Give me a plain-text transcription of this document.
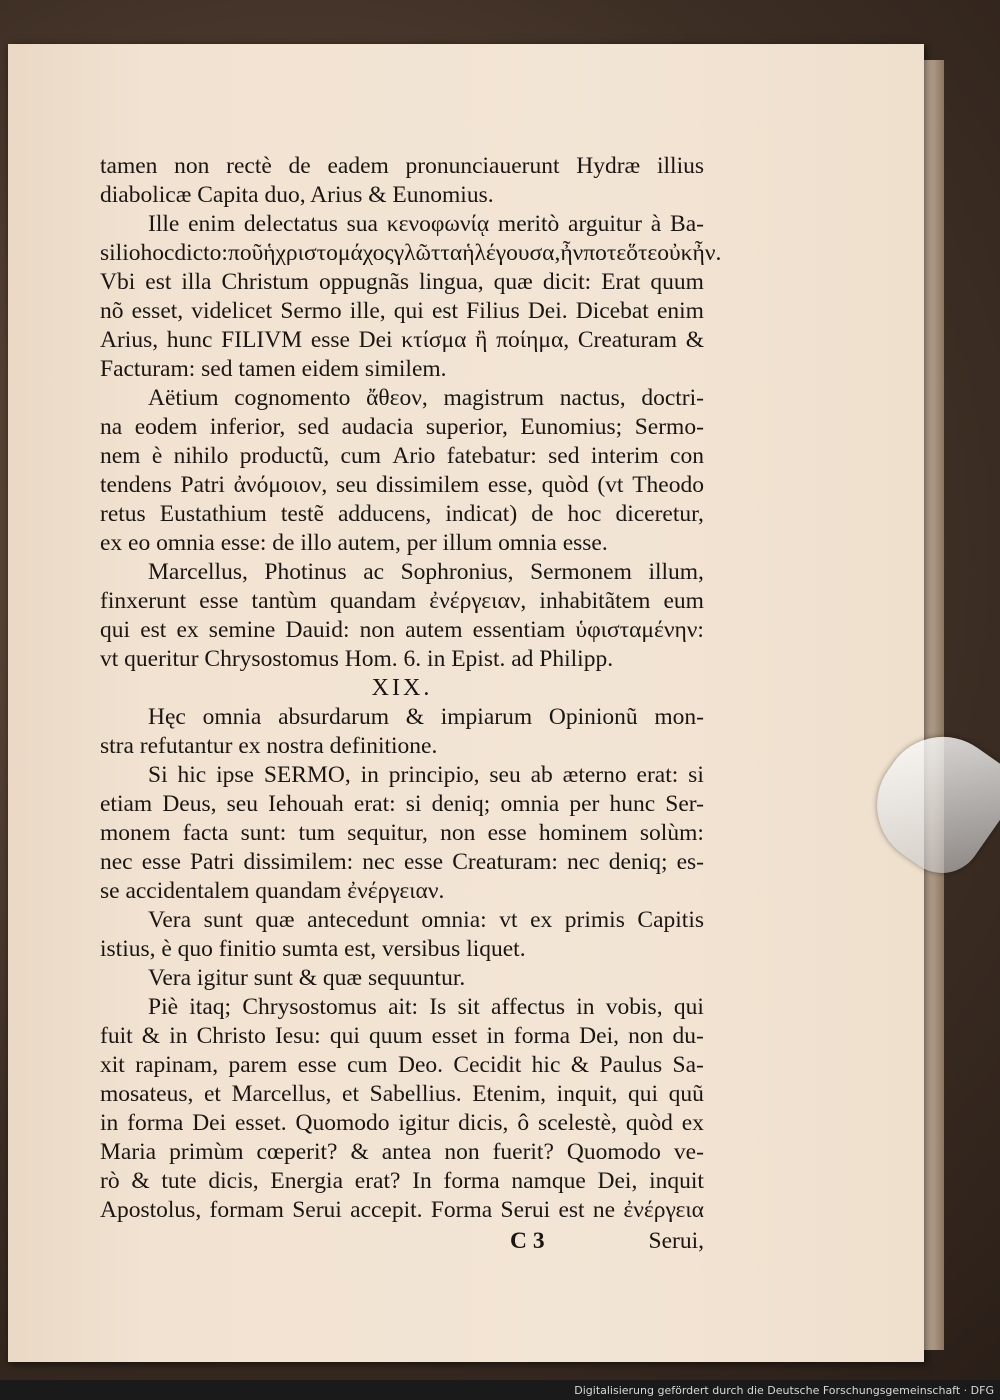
tamen non rectè de eadem pronunciauerunt Hydræ illius
diabolicæ Capita duo, Arius & Eunomius.
Ille enim delectatus sua κενοφωνίᾳ meritò arguitur à Ba-
silio hoc dicto: ποῦ ἡ χριστομάχος γλῶττα ἡ λέγουσα, ἦν ποτε ὅτε οὐκ ἦν.
Vbi est illa Christum oppugnãs lingua, quæ dicit: Erat quum
nõ esset, videlicet Sermo ille, qui est Filius Dei. Dicebat enim
Arius, hunc FILIVM esse Dei κτίσμα ἢ ποίημα, Creaturam &
Facturam: sed tamen eidem similem.
Aëtium cognomento ἄθεον, magistrum nactus, doctri-
na eodem inferior, sed audacia superior, Eunomius; Sermo-
nem è nihilo productũ, cum Ario fatebatur: sed interim con
tendens Patri ἀνόμοιον, seu dissimilem esse, quòd (vt Theodo
retus Eustathium testẽ adducens, indicat) de hoc diceretur,
ex eo omnia esse: de illo autem, per illum omnia esse.
Marcellus, Photinus ac Sophronius, Sermonem illum,
finxerunt esse tantùm quandam ἐνέργειαν, inhabitãtem eum
qui est ex semine Dauid: non autem essentiam ὑφισταμένην:
vt queritur Chrysostomus Hom. 6. in Epist. ad Philipp.
XIX.
Hęc omnia absurdarum & impiarum Opinionũ mon-
stra refutantur ex nostra definitione.
Si hic ipse SERMO, in principio, seu ab æterno erat: si
etiam Deus, seu Iehouah erat: si deniq; omnia per hunc Ser-
monem facta sunt: tum sequitur, non esse hominem solùm:
nec esse Patri dissimilem: nec esse Creaturam: nec deniq; es-
se accidentalem quandam ἐνέργειαν.
Vera sunt quæ antecedunt omnia: vt ex primis Capitis
istius, è quo finitio sumta est, versibus liquet.
Vera igitur sunt & quæ sequuntur.
Piè itaq; Chrysostomus ait: Is sit affectus in vobis, qui
fuit & in Christo Iesu: qui quum esset in forma Dei, non du-
xit rapinam, parem esse cum Deo. Cecidit hic & Paulus Sa-
mosateus, et Marcellus, et Sabellius. Etenim, inquit, qui quũ
in forma Dei esset. Quomodo igitur dicis, ô scelestè, quòd ex
Maria primùm cœperit? & antea non fuerit? Quomodo ve-
rò & tute dicis, Energia erat? In forma namque Dei, inquit
Apostolus, formam Serui accepit. Forma Serui est ne ἐνέργεια
C 3	Serui,
Digitalisierung gefördert durch die Deutsche Forschungsgemeinschaft · DFG
